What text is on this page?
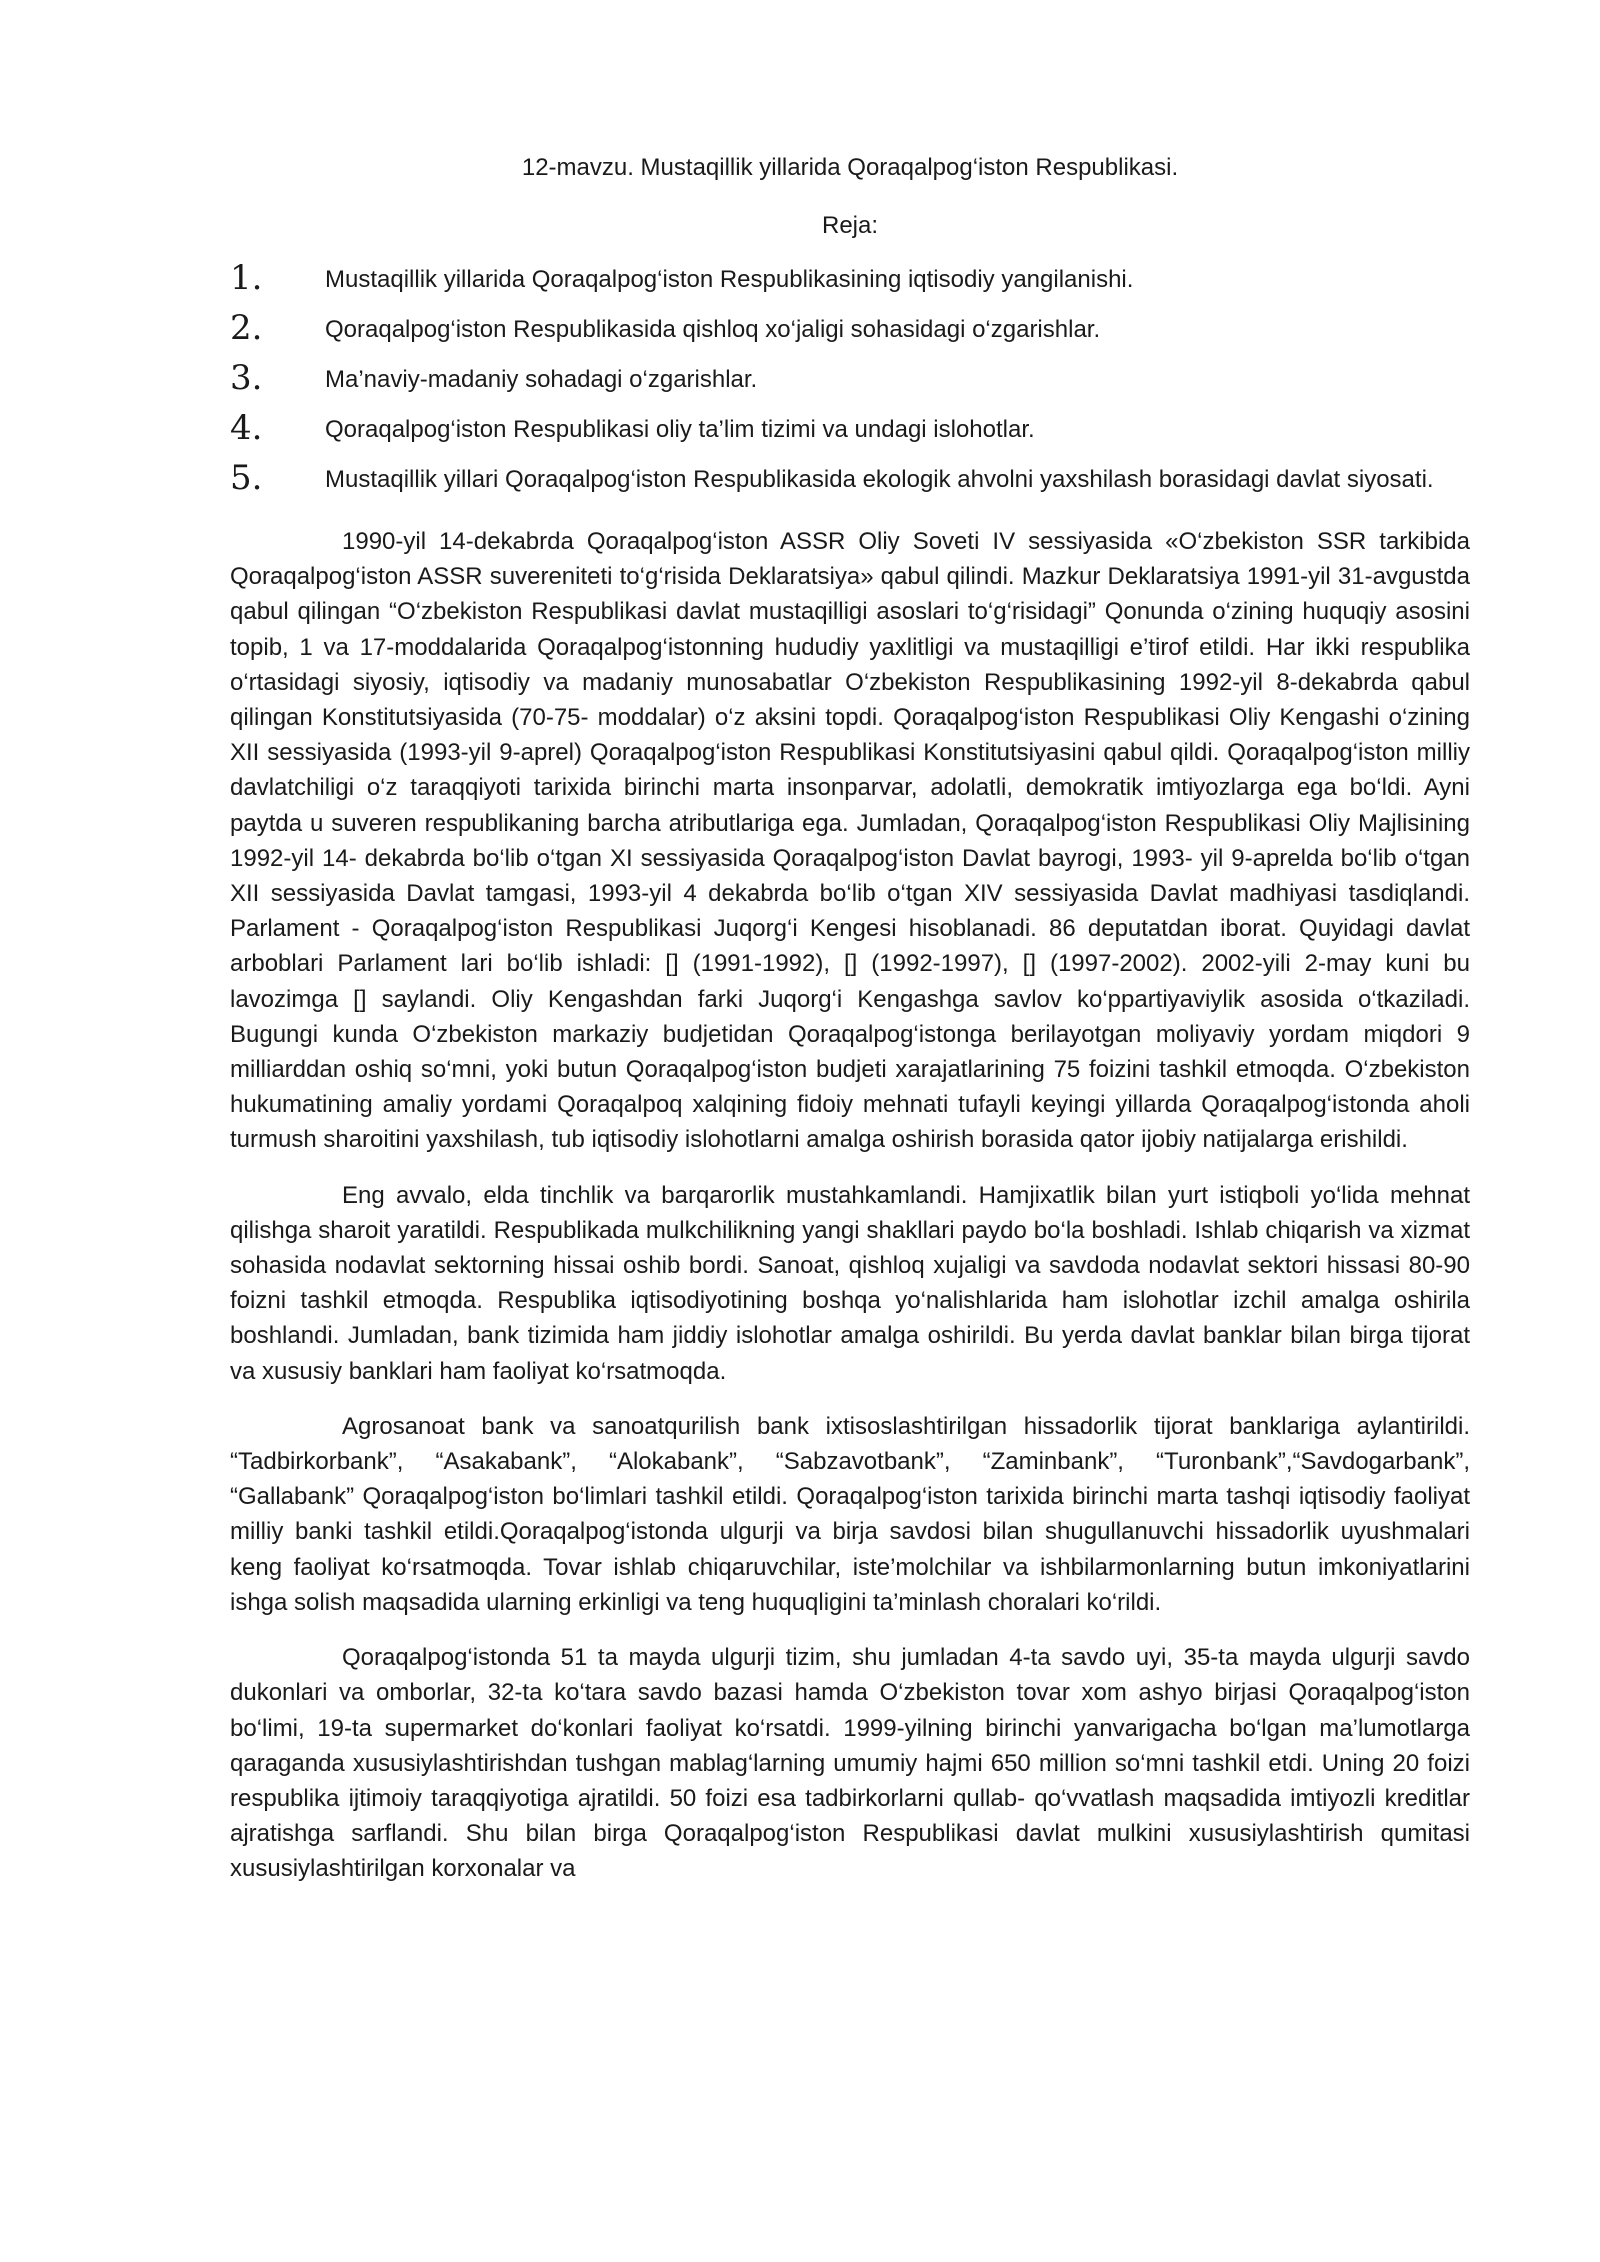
12-mavzu. Mustaqillik yillarida Qoraqalpog‘iston Respublikasi.

Reja:

1.	Mustaqillik yillarida Qoraqalpog‘iston Respublikasining iqtisodiy yangilanishi.
2.	Qoraqalpog‘iston Respublikasida qishloq xo‘jaligi sohasidagi o‘zgarishlar.
3.	Ma’naviy-madaniy sohadagi o‘zgarishlar.
4.	Qoraqalpog‘iston Respublikasi oliy ta’lim tizimi va undagi islohotlar.
5.	Mustaqillik yillari Qoraqalpog‘iston Respublikasida ekologik ahvolni yaxshilash borasidagi davlat siyosati.

1990-yil 14-dekabrda Qoraqalpog‘iston ASSR Oliy Soveti IV sessiyasida «O‘zbekiston SSR tarkibida Qoraqalpog‘iston ASSR suvereniteti to‘g‘risida Deklaratsiya» qabul qilindi. Mazkur Deklaratsiya 1991-yil 31-avgustda qabul qilingan “O‘zbekiston Respublikasi davlat mustaqilligi asoslari to‘g‘risidagi” Qonunda o‘zining huquqiy asosini topib, 1 va 17-moddalarida Qoraqalpog‘istonning hududiy yaxlitligi va mustaqilligi e’tirof etildi. Har ikki respublika o‘rtasidagi siyosiy, iqtisodiy va madaniy munosabatlar O‘zbekiston Respublikasining 1992-yil 8-dekabrda qabul qilingan Konstitutsiyasida (70-75- moddalar) o‘z aksini topdi. Qoraqalpog‘iston Respublikasi Oliy Kengashi o‘zining XII sessiyasida (1993-yil 9-aprel) Qoraqalpog‘iston Respublikasi Konstitutsiyasini qabul qildi. Qoraqalpog‘iston milliy davlatchiligi o‘z taraqqiyoti tarixida birinchi marta insonparvar, adolatli, demokratik imtiyozlarga ega bo‘ldi. Ayni paytda u suveren respublikaning barcha atributlariga ega. Jumladan, Qoraqalpog‘iston Respublikasi Oliy Majlisining 1992-yil 14- dekabrda bo‘lib o‘tgan XI sessiyasida Qoraqalpog‘iston Davlat bayrogi, 1993- yil 9-aprelda bo‘lib o‘tgan XII sessiyasida Davlat tamgasi, 1993-yil 4 dekabrda bo‘lib o‘tgan XIV sessiyasida Davlat madhiyasi tasdiqlandi. Parlament - Qoraqalpog‘iston Respublikasi Juqorg‘i Kengesi hisoblanadi. 86 deputatdan iborat. Quyidagi davlat arboblari Parlament lari bo‘lib ishladi: [] (1991-1992), [] (1992-1997), [] (1997-2002). 2002-yili 2-may kuni bu lavozimga [] saylandi. Oliy Kengashdan farki Juqorg‘i Kengashga savlov ko‘ppartiyaviylik asosida o‘tkaziladi. Bugungi kunda O‘zbekiston markaziy budjetidan Qoraqalpog‘istonga berilayotgan moliyaviy yordam miqdori 9 milliarddan oshiq so‘mni, yoki butun Qoraqalpog‘iston budjeti xarajatlarining 75 foizini tashkil etmoqda. O‘zbekiston hukumatining amaliy yordami Qoraqalpoq xalqining fidoiy mehnati tufayli keyingi yillarda Qoraqalpog‘istonda aholi turmush sharoitini yaxshilash, tub iqtisodiy islohotlarni amalga oshirish borasida qator ijobiy natijalarga erishildi.

Eng avvalo, elda tinchlik va barqarorlik mustahkamlandi. Hamjixatlik bilan yurt istiqboli yo‘lida mehnat qilishga sharoit yaratildi. Respublikada mulkchilikning yangi shakllari paydo bo‘la boshladi. Ishlab chiqarish va xizmat sohasida nodavlat sektorning hissai oshib bordi. Sanoat, qishloq xujaligi va savdoda nodavlat sektori hissasi 80-90 foizni tashkil etmoqda. Respublika iqtisodiyotining boshqa yo‘nalishlarida ham islohotlar izchil amalga oshirila boshlandi. Jumladan, bank tizimida ham jiddiy islohotlar amalga oshirildi. Bu yerda davlat banklar bilan birga tijorat va xususiy banklari ham faoliyat ko‘rsatmoqda.

Agrosanoat bank va sanoatqurilish bank ixtisoslashtirilgan hissadorlik tijorat banklariga aylantirildi. “Tadbirkorbank”, “Asakabank”, “Alokabank”, “Sabzavotbank”, “Zaminbank”, “Turonbank”,“Savdogarbank”, “Gallabank” Qoraqalpog‘iston bo‘limlari tashkil etildi. Qoraqalpog‘iston tarixida birinchi marta tashqi iqtisodiy faoliyat milliy banki tashkil etildi.Qoraqalpog‘istonda ulgurji va birja savdosi bilan shugullanuvchi hissadorlik uyushmalari keng faoliyat ko‘rsatmoqda. Tovar ishlab chiqaruvchilar, iste’molchilar va ishbilarmonlarning butun imkoniyatlarini ishga solish maqsadida ularning erkinligi va teng huquqligini ta’minlash choralari ko‘rildi.

Qoraqalpog‘istonda 51 ta mayda ulgurji tizim, shu jumladan 4-ta savdo uyi, 35-ta mayda ulgurji savdo dukonlari va omborlar, 32-ta ko‘tara savdo bazasi hamda O‘zbekiston tovar xom ashyo birjasi Qoraqalpog‘iston bo‘limi, 19-ta supermarket do‘konlari faoliyat ko‘rsatdi. 1999-yilning birinchi yanvarigacha bo‘lgan ma’lumotlarga qaraganda xususiylashtirishdan tushgan mablag‘larning umumiy hajmi 650 million so‘mni tashkil etdi. Uning 20 foizi respublika ijtimoiy taraqqiyotiga ajratildi. 50 foizi esa tadbirkorlarni qullab- qo‘vvatlash maqsadida imtiyozli kreditlar ajratishga sarflandi. Shu bilan birga Qoraqalpog‘iston Respublikasi davlat mulkini xususiylashtirish qumitasi xususiylashtirilgan korxonalar va
